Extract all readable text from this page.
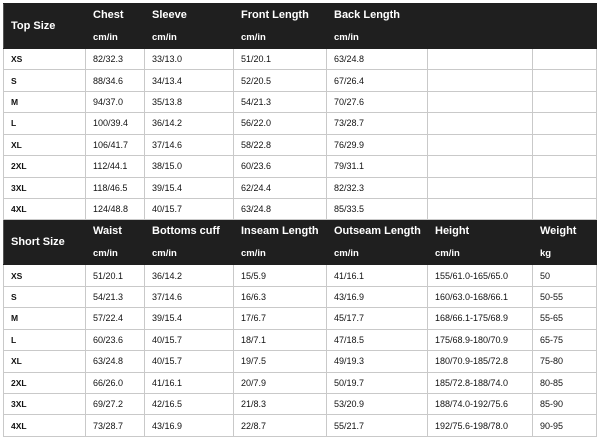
Top Size	Chest	Sleeve	Front Length	Back Length		
	cm/in	cm/in	cm/in	cm/in		
XS	82/32.3	33/13.0	51/20.1	63/24.8		
S	88/34.6	34/13.4	52/20.5	67/26.4		
M	94/37.0	35/13.8	54/21.3	70/27.6		
L	100/39.4	36/14.2	56/22.0	73/28.7		
XL	106/41.7	37/14.6	58/22.8	76/29.9		
2XL	112/44.1	38/15.0	60/23.6	79/31.1		
3XL	118/46.5	39/15.4	62/24.4	82/32.3		
4XL	124/48.8	40/15.7	63/24.8	85/33.5		
Short Size	Waist	Bottoms cuff	Inseam Length	Outseam Length	Height	Weight
	cm/in	cm/in	cm/in	cm/in	cm/in	kg
XS	51/20.1	36/14.2	15/5.9	41/16.1	155/61.0-165/65.0	50
S	54/21.3	37/14.6	16/6.3	43/16.9	160/63.0-168/66.1	50-55
M	57/22.4	39/15.4	17/6.7	45/17.7	168/66.1-175/68.9	55-65
L	60/23.6	40/15.7	18/7.1	47/18.5	175/68.9-180/70.9	65-75
XL	63/24.8	40/15.7	19/7.5	49/19.3	180/70.9-185/72.8	75-80
2XL	66/26.0	41/16.1	20/7.9	50/19.7	185/72.8-188/74.0	80-85
3XL	69/27.2	42/16.5	21/8.3	53/20.9	188/74.0-192/75.6	85-90
4XL	73/28.7	43/16.9	22/8.7	55/21.7	192/75.6-198/78.0	90-95
